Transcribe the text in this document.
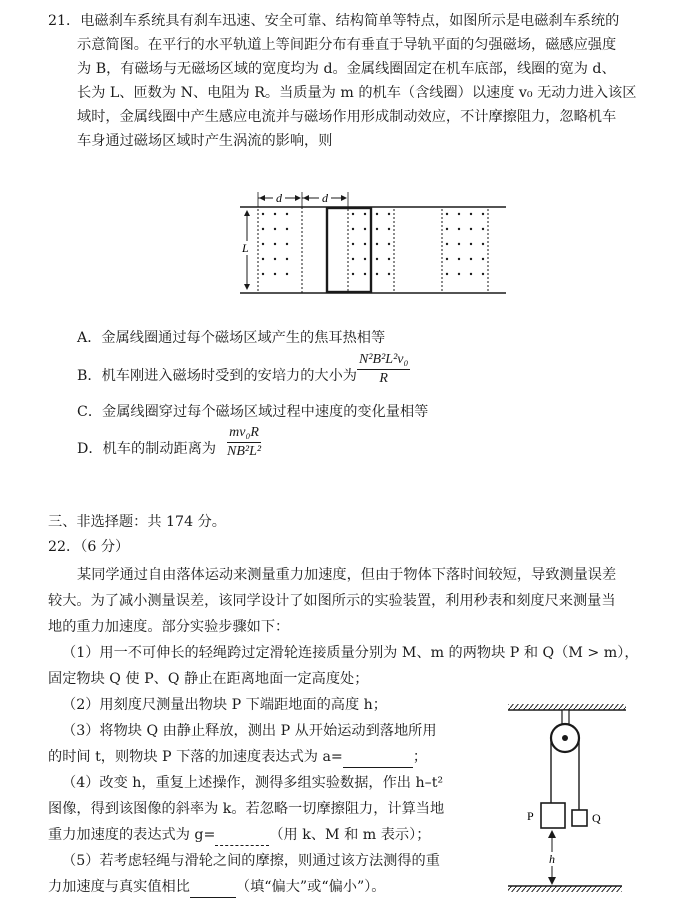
21．电磁刹车系统具有刹车迅速、安全可靠、结构简单等特点，如图所示是电磁刹车系统的
示意简图。在平行的水平轨道上等间距分布有垂直于导轨平面的匀强磁场，磁感应强度
为 B，有磁场与无磁场区域的宽度均为 d。金属线圈固定在机车底部，线圈的宽为 d、
长为 L、匝数为 N、电阻为 R。当质量为 m 的机车（含线圈）以速度 v₀ 无动力进入该区
域时，金属线圈中产生感应电流并与磁场作用形成制动效应，不计摩擦阻力，忽略机车
车身通过磁场区域时产生涡流的影响，则
d	d
L
A．金属线圈通过每个磁场区域产生的焦耳热相等
B．机车刚进入磁场时受到的安培力的大小为 $\frac{\text{N²B²L²v₀}}{R}$
C．金属线圈穿过每个磁场区域过程中速度的变化量相等
D．机车的制动距离为 $\frac{\text{mv₀R}}{\text{NB²L²}}$
三、非选择题：共 174 分。
22．（6 分）
某同学通过自由落体运动来测量重力加速度，但由于物体下落时间较短，导致测量误差
较大。为了减小测量误差，该同学设计了如图所示的实验装置，利用秒表和刻度尺来测量当
地的重力加速度。部分实验步骤如下：
（1）用一不可伸长的轻绳跨过定滑轮连接质量分别为 M、m 的两物块 P 和 Q（M > m），
固定物块 Q 使 P、Q 静止在距离地面一定高度处；
（2）用刻度尺测量出物块 P 下端距地面的高度 h；
（3）将物块 Q 由静止释放，测出 P 从开始运动到落地所用
的时间 t，则物块 P 下落的加速度表达式为 a=	；
（4）改变 h，重复上述操作，测得多组实验数据，作出 h–t²
图像，得到该图像的斜率为 k。若忽略一切摩擦阻力，计算当地
重力加速度的表达式为 g=	（用 k、M 和 m 表示）；
（5）若考虑轻绳与滑轮之间的摩擦，则通过该方法测得的重
力加速度与真实值相比	（填“偏大”或“偏小”）。
P	Q
h
